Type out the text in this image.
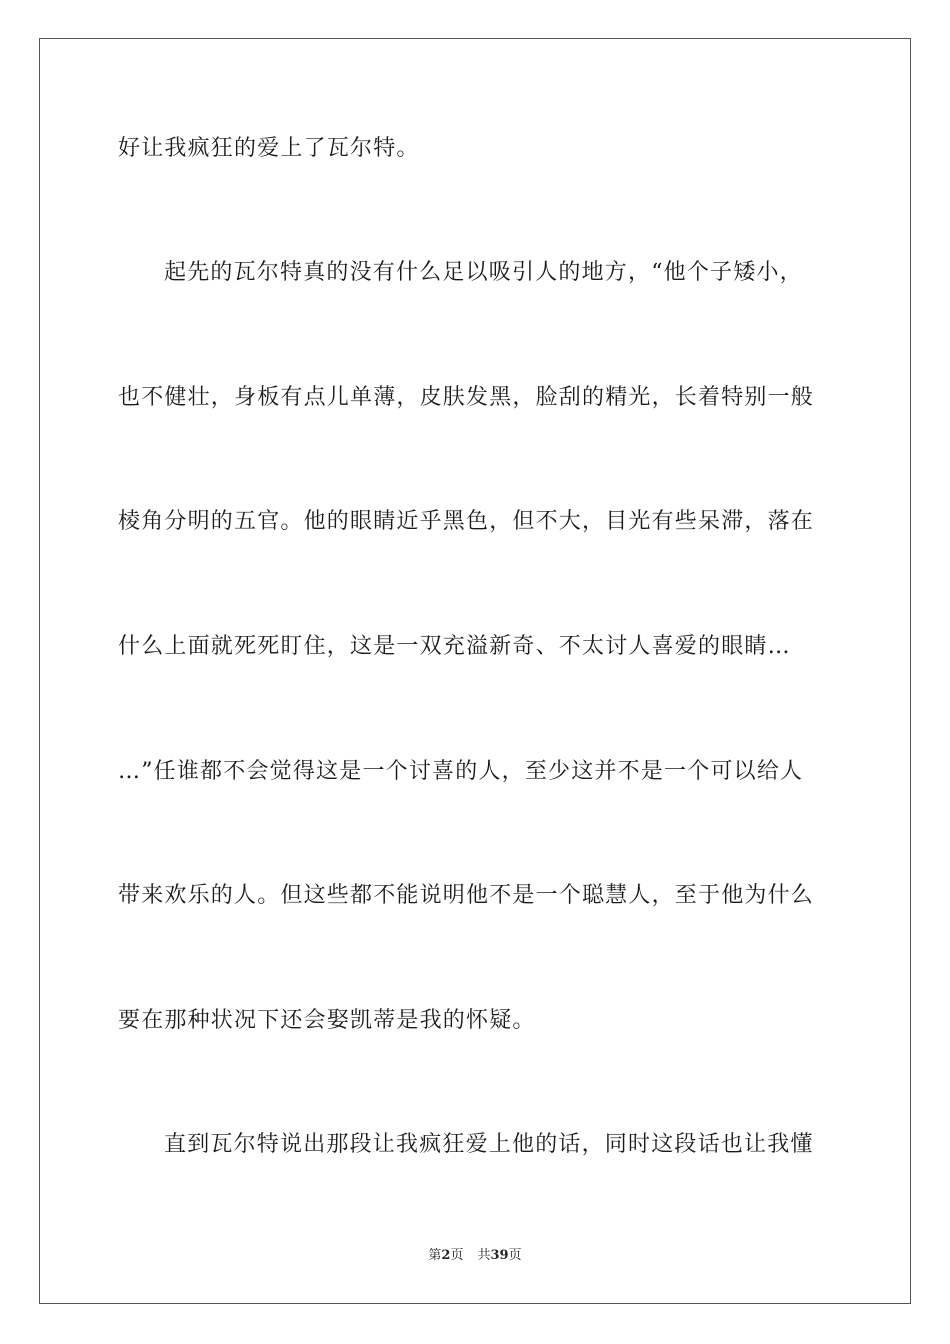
好让我疯狂的爱上了瓦尔特。
起先的瓦尔特真的没有什么足以吸引人的地方，“他个子矮小，
也不健壮，身板有点儿单薄，皮肤发黑，脸刮的精光，长着特别一般
棱角分明的五官。他的眼睛近乎黑色，但不大，目光有些呆滞，落在
什么上面就死死盯住，这是一双充溢新奇、不太讨人喜爱的眼睛…
…”任谁都不会觉得这是一个讨喜的人，至少这并不是一个可以给人
带来欢乐的人。但这些都不能说明他不是一个聪慧人，至于他为什么
要在那种状况下还会娶凯蒂是我的怀疑。
直到瓦尔特说出那段让我疯狂爱上他的话，同时这段话也让我懂
第2页 共39页
